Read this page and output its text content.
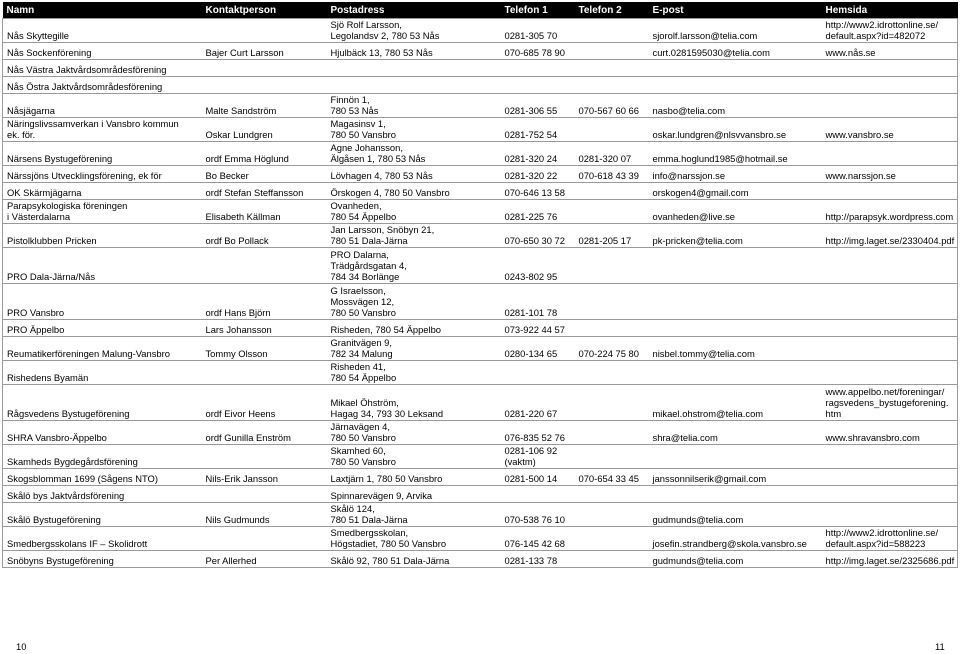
Namn	Kontaktperson	Postadress	Telefon 1	Telefon 2	E-post	Hemsida
Nås Skyttegille		Sjö Rolf Larsson,
Legolandsv 2, 780 53 Nås	0281-305 70		sjorolf.larsson@telia.com	http://www2.idrottonline.se/
default.aspx?id=482072
Nås Sockenförening	Bajer Curt Larsson	Hjulbäck 13, 780 53 Nås	070-685 78 90		curt.0281595030@telia.com	www.nås.se
Nås Västra Jaktvårdsområdesförening						
Nås Östra Jaktvårdsområdesförening						
Nåsjägarna	Malte Sandström	Finnön 1,
780 53 Nås	0281-306 55	070-567 60 66	nasbo@telia.com	
Näringslivssamverkan i Vansbro kommun
ek. för.	Oskar Lundgren	Magasinsv 1,
780 50 Vansbro	0281-752 54		oskar.lundgren@nlsvvansbro.se	www.vansbro.se
Närsens Bystugeförening	ordf Emma Höglund	Agne Johansson,
Älgåsen 1, 780 53 Nås	0281-320 24	0281-320 07	emma.hoglund1985@hotmail.se	
Närssjöns Utvecklingsförening, ek för	Bo Becker	Lövhagen 4, 780 53 Nås	0281-320 22	070-618 43 39	info@narssjon.se	www.narssjon.se
OK Skärmjägarna	ordf Stefan Steffansson	Örskogen 4, 780 50 Vansbro	070-646 13 58		orskogen4@gmail.com	
Parapsykologiska föreningen
i Västerdalarna	Elisabeth Källman	Ovanheden,
780 54 Äppelbo	0281-225 76		ovanheden@live.se	http://parapsyk.wordpress.com
Pistolklubben Pricken	ordf Bo Pollack	Jan Larsson, Snöbyn 21,
780 51 Dala-Järna	070-650 30 72	0281-205 17	pk-pricken@telia.com	http://img.laget.se/2330404.pdf
PRO Dala-Järna/Nås		PRO Dalarna,
Trädgårdsgatan 4,
784 34 Borlänge	0243-802 95			
PRO Vansbro	ordf Hans Björn	G Israelsson,
Mossvägen 12,
780 50 Vansbro	0281-101 78			
PRO Äppelbo	Lars Johansson	Risheden, 780 54 Äppelbo	073-922 44 57			
Reumatikerföreningen Malung-Vansbro	Tommy Olsson	Granitvägen 9,
782 34 Malung	0280-134 65	070-224 75 80	nisbel.tommy@telia.com	
Rishedens Byamän		Risheden 41,
780 54 Äppelbo				
Rågsvedens Bystugeförening	ordf Eivor Heens	Mikael Öhström,
Hagag 34, 793 30 Leksand	0281-220 67		mikael.ohstrom@telia.com	www.appelbo.net/foreningar/
ragsvedens_bystugeforening.
htm
SHRA Vansbro-Äppelbo	ordf Gunilla Enström	Järnavägen 4,
780 50 Vansbro	076-835 52 76		shra@telia.com	www.shravansbro.com
Skamheds Bygdegårdsförening		Skamhed 60,
780 50 Vansbro	0281-106 92
(vaktm)			
Skogsblomman 1699 (Sågens NTO)	Nils-Erik Jansson	Laxtjärn 1, 780 50 Vansbro	0281-500 14	070-654 33 45	janssonnilserik@gmail.com	
Skålö bys Jaktvårdsförening		Spinnarevägen 9, Arvika				
Skålö Bystugeförening	Nils Gudmunds	Skålö 124,
780 51 Dala-Järna	070-538 76 10		gudmunds@telia.com	
Smedbergsskolans IF – Skolidrott		Smedbergsskolan,
Högstadiet, 780 50 Vansbro	076-145 42 68		josefin.strandberg@skola.vansbro.se	http://www2.idrottonline.se/
default.aspx?id=588223
Snöbyns Bystugeförening	Per Allerhed	Skålö 92, 780 51 Dala-Järna	0281-133 78		gudmunds@telia.com	http://img.laget.se/2325686.pdf
10	11
